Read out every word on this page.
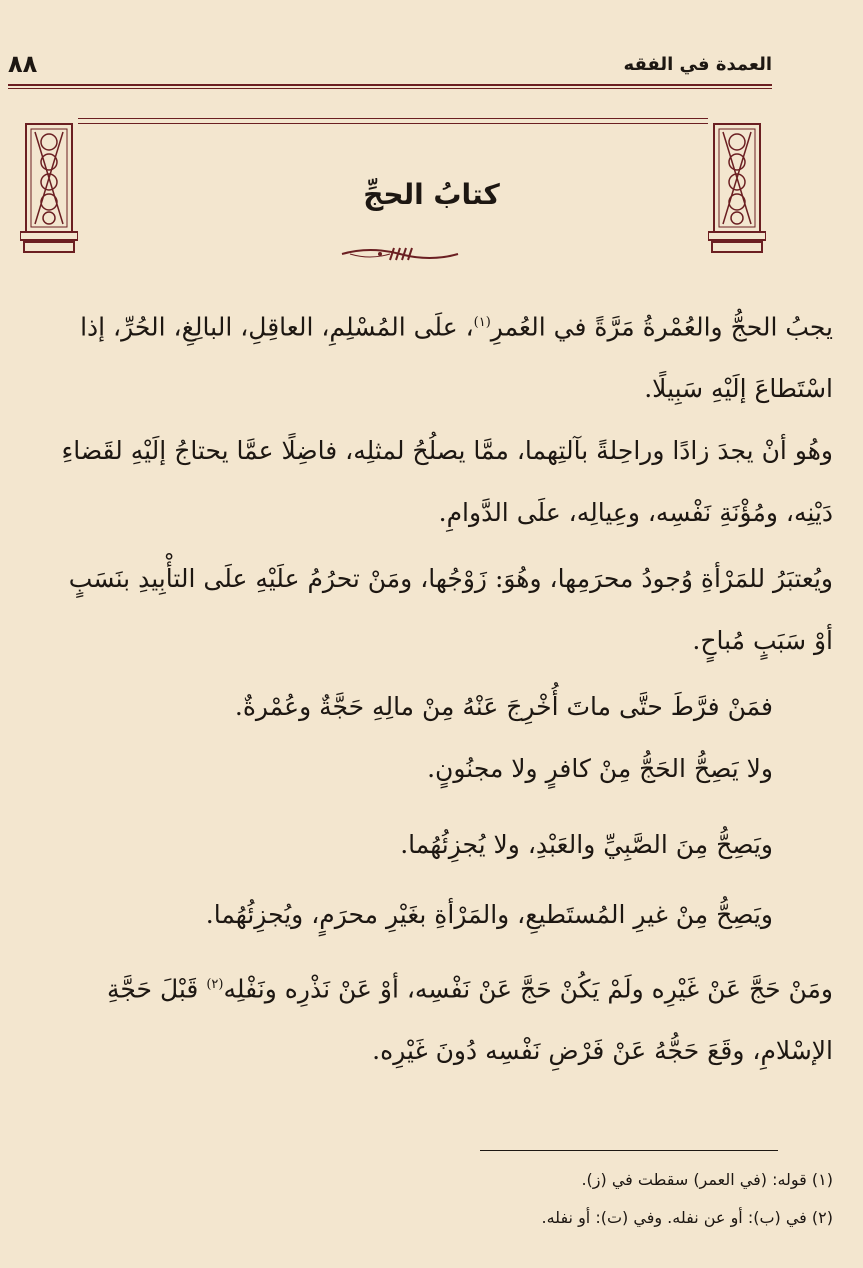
العمدة في الفقه
٨٨
كتابُ الحجِّ
يجبُ الحجُّ والعُمْرةُ مَرَّةً في العُمرِ$^{(١)}$، علَى المُسْلِمِ، العاقِلِ، البالِغِ، الحُرِّ، إذا
اسْتَطاعَ إلَيْهِ سَبِيلًا.
وهُو أنْ يجدَ زادًا وراحِلةً بآلتِهما، ممَّا يصلُحُ لمثلِه، فاضِلًا عمَّا يحتاجُ إلَيْهِ لقَضاءِ
دَيْنِه، ومُؤْنَةِ نَفْسِه، وعِيالِه، علَى الدَّوامِ.
ويُعتبَرُ للمَرْأةِ وُجودُ محرَمِها، وهُوَ: زَوْجُها، ومَنْ تحرُمُ علَيْهِ علَى التأْبِيدِ بنَسَبٍ
أوْ سَبَبٍ مُباحٍ.
فمَنْ فرَّطَ حتَّى ماتَ أُخْرِجَ عَنْهُ مِنْ مالِهِ حَجَّةٌ وعُمْرةٌ.
ولا يَصِحُّ الحَجُّ مِنْ كافرٍ ولا مجنُونٍ.
ويَصِحُّ مِنَ الصَّبِيِّ والعَبْدِ، ولا يُجزِئُهُما.
ويَصِحُّ مِنْ غيرِ المُستَطيعِ، والمَرْأةِ بغَيْرِ محرَمٍ، ويُجزِئُهُما.
ومَنْ حَجَّ عَنْ غَيْرِه ولَمْ يَكُنْ حَجَّ عَنْ نَفْسِه، أوْ عَنْ نَذْرِه ونَفْلِه$^{(٢)}$ قَبْلَ حَجَّةِ
الإسْلامِ، وقَعَ حَجُّهُ عَنْ فَرْضِ نَفْسِه دُونَ غَيْرِه.
(١) قوله: (في العمر) سقطت في (ز).
(٢) في (ب): أو عن نفله. وفي (ت): أو نفله.
